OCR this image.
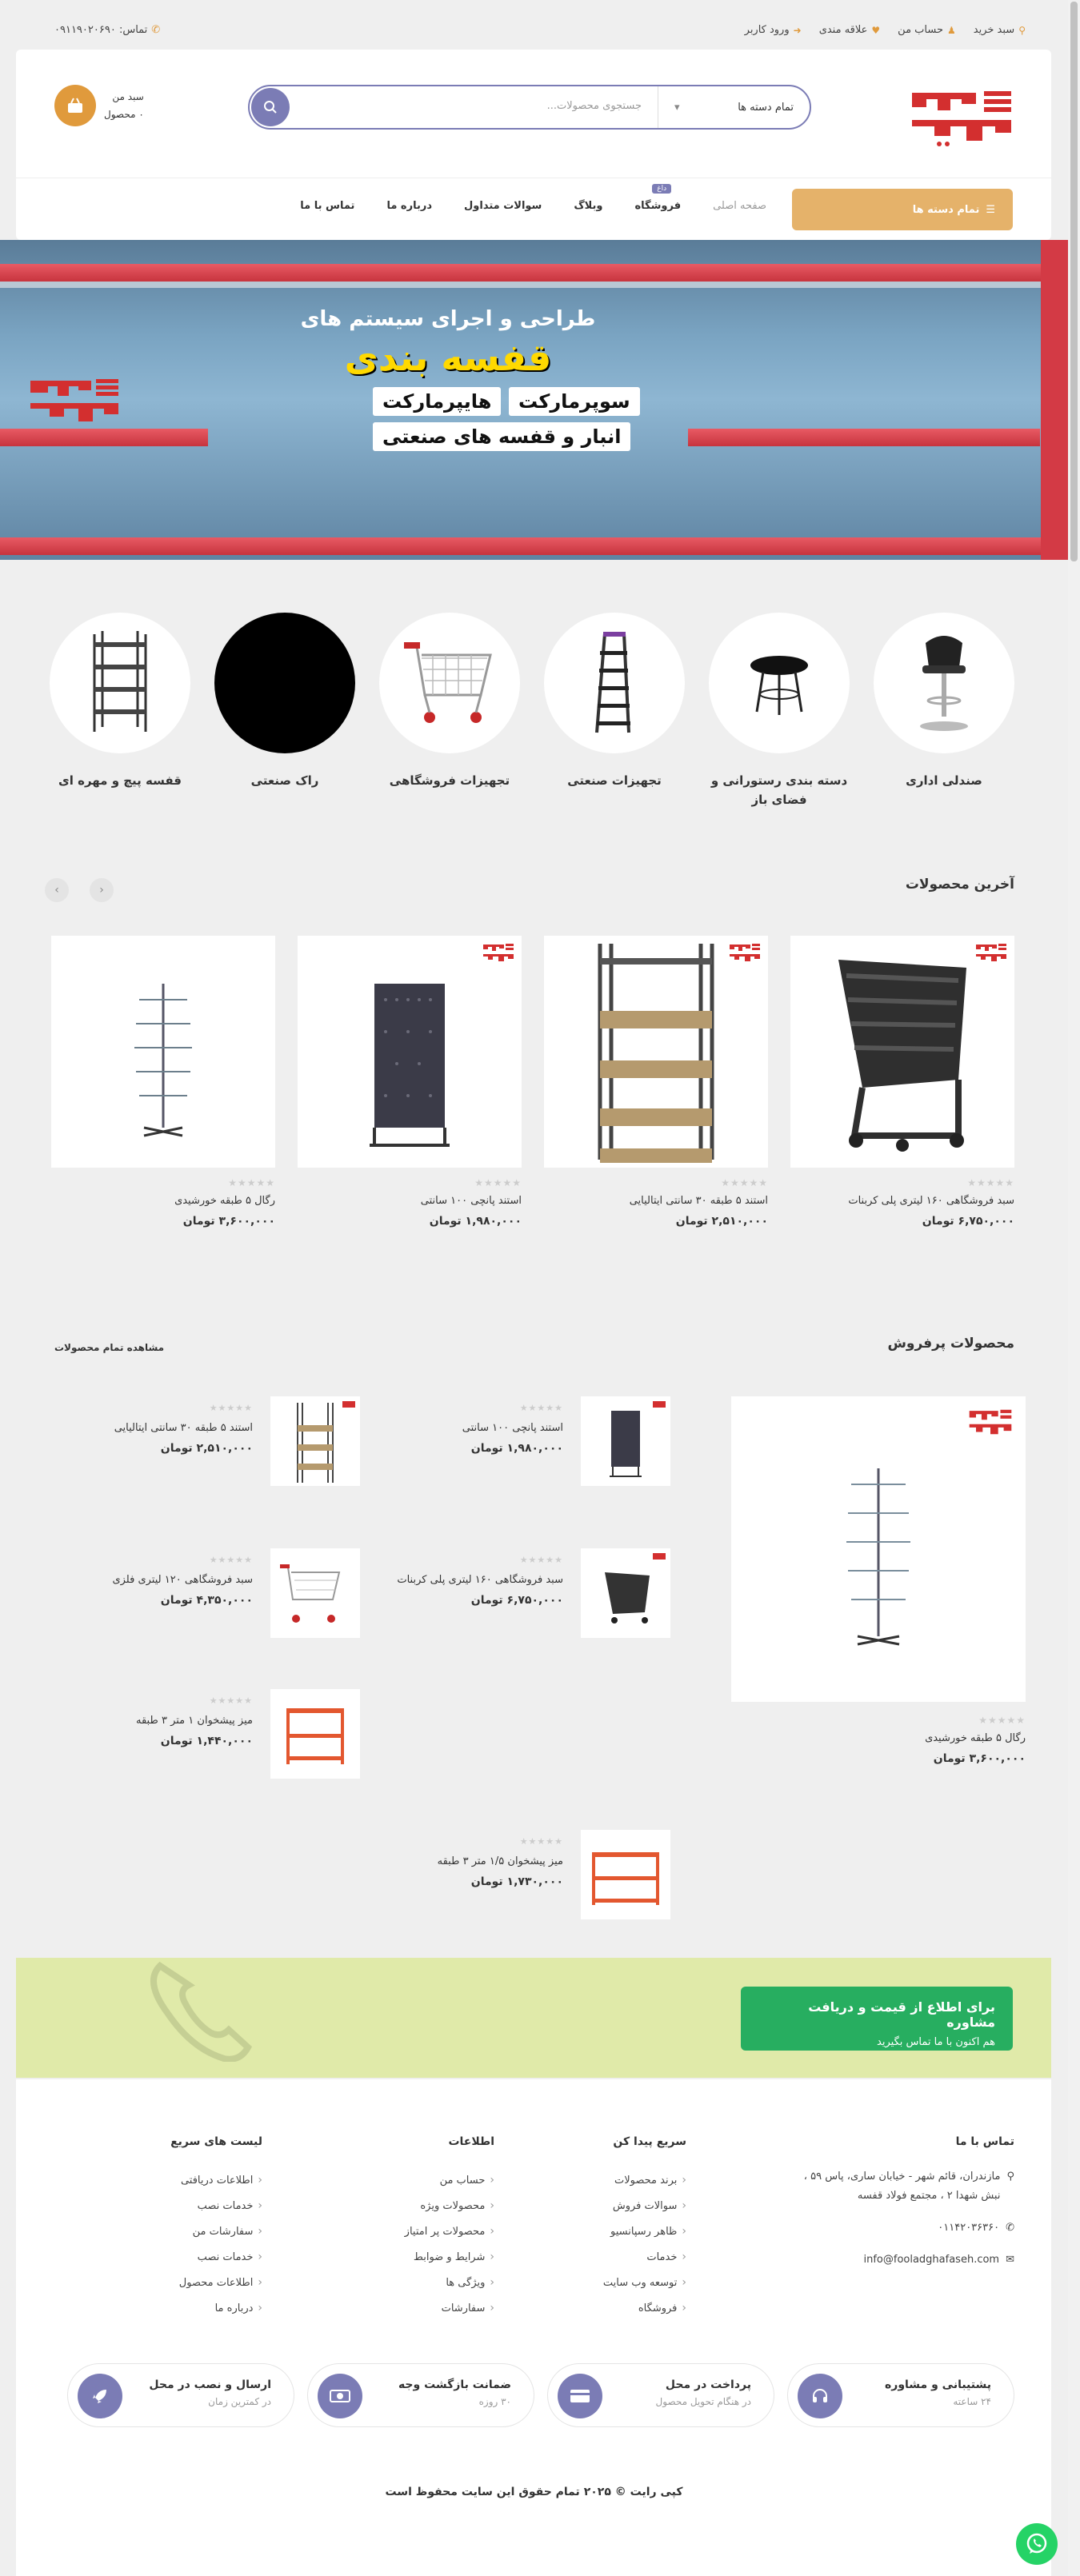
⚲
سبد خرید
♟
حساب من
♥
علاقه مندی
➜
ورود کاربر
✆
تماس: ۰۹۱۱۹۰۲۰۶۹۰
تمام دسته ها
▾
جستجوی محصولات...
سبد من
۰ محصول
☰
تمام دسته ها
صفحه اصلی
داغ
فروشگاه
وبلاگ
سوالات متداول
درباره ما
تماس با ما
طراحی و اجرای سیستم های
قفسه بندی
هایپرمارکت	سوپرمارکت
انبار و قفسه های صنعتی
صندلی اداری
دسته بندی رستورانی و فضای باز
تجهیزات صنعتی
تجهیزات فروشگاهی
راک صنعتی
قفسه پیچ و مهره ای
آخرین محصولات
‹
›
★★★★★
سبد فروشگاهی ۱۶۰ لیتری پلی کربنات
۶,۷۵۰,۰۰۰ تومان
★★★★★
استند ۵ طبقه ۳۰ سانتی ایتالیایی
۲,۵۱۰,۰۰۰ تومان
★★★★★
استند پانچی ۱۰۰ سانتی
۱,۹۸۰,۰۰۰ تومان
★★★★★
رگال ۵ طبقه خورشیدی
۳,۶۰۰,۰۰۰ تومان
محصولات پرفروش
مشاهده تمام محصولات
★★★★★
رگال ۵ طبقه خورشیدی
۳,۶۰۰,۰۰۰ تومان
★★★★★
استند پانچی ۱۰۰ سانتی
۱,۹۸۰,۰۰۰ تومان
★★★★★
استند ۵ طبقه ۳۰ سانتی ایتالیایی
۲,۵۱۰,۰۰۰ تومان
★★★★★
سبد فروشگاهی ۱۶۰ لیتری پلی کربنات
۶,۷۵۰,۰۰۰ تومان
★★★★★
سبد فروشگاهی ۱۲۰ لیتری فلزی
۴,۳۵۰,۰۰۰ تومان
★★★★★
میز پیشخوان ۱ متر ۳ طبقه
۱,۴۴۰,۰۰۰ تومان
★★★★★
میز پیشخوان ۱/۵ متر ۳ طبقه
۱,۷۳۰,۰۰۰ تومان
برای اطلاع از قیمت و دریافت مشاوره
هم اکنون با ما تماس بگیرید
تماس با ما
⚲
مازندران، قائم شهر - خیابان ساری، پاس ۵۹ ، نبش شهدا ۲ ، مجتمع فولاد قفسه
✆
۰۱۱۴۲۰۳۶۳۶۰
✉
info@fooladghafaseh.com
سریع پیدا کن
‹ برند محصولات
‹ سوالات فروش
‹ ظاهر رسپانسیو
‹ خدمات
‹ توسعه وب سایت
‹ فروشگاه
اطلاعات
‹ حساب من
‹ محصولات ویژه
‹ محصولات پر امتیاز
‹ شرایط و ضوابط
‹ ویژگی ها
‹ سفارشات
لیست های سریع
‹ اطلاعات دریافتی
‹ خدمات نصب
‹ سفارشات من
‹ خدمات نصب
‹ اطلاعات محصول
‹ درباره ما
پشتیبانی و مشاوره
۲۴ ساعته
پرداخت در محل
در هنگام تحویل محصول
ضمانت بازگشت وجه
۳۰ روزه
ارسال و نصب در محل
در کمترین زمان
کپی رایت © ۲۰۲۵ تمام حقوق این سایت محفوظ است
